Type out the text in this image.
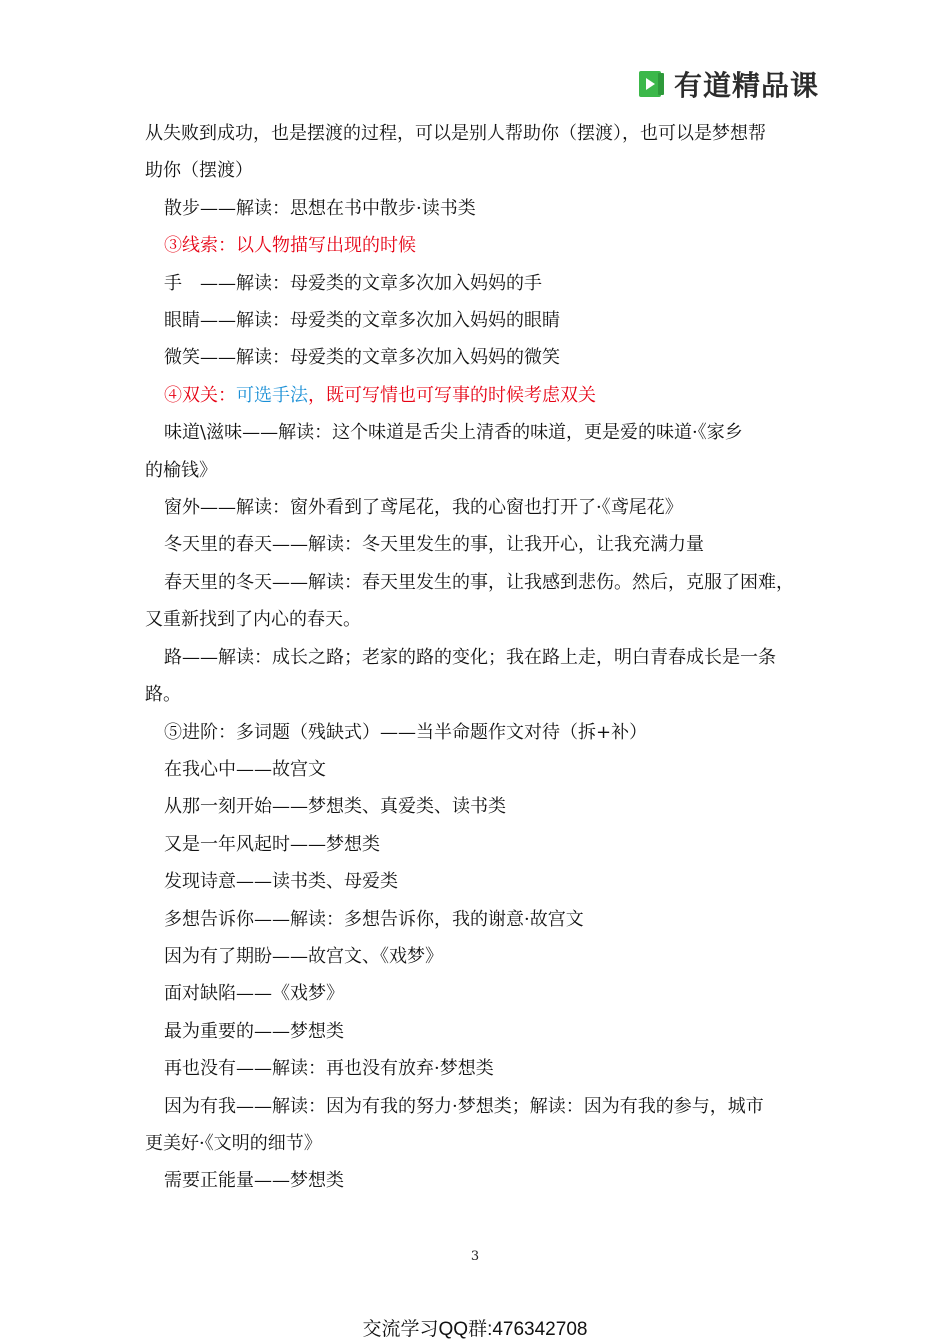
有道精品课

从失败到成功，也是摆渡的过程，可以是别人帮助你（摆渡），也可以是梦想帮

助你（摆渡）

散步——解读：思想在书中散步·读书类

③线索：以人物描写出现的时候

手　——解读：母爱类的文章多次加入妈妈的手

眼睛——解读：母爱类的文章多次加入妈妈的眼睛

微笑——解读：母爱类的文章多次加入妈妈的微笑

④双关：可选手法，既可写情也可写事的时候考虑双关

味道\滋味——解读：这个味道是舌尖上清香的味道，更是爱的味道·《家乡

的榆钱》

窗外——解读：窗外看到了鸢尾花，我的心窗也打开了·《鸢尾花》

冬天里的春天——解读：冬天里发生的事，让我开心，让我充满力量

春天里的冬天——解读：春天里发生的事，让我感到悲伤。然后，克服了困难，

又重新找到了内心的春天。

路——解读：成长之路；老家的路的变化；我在路上走，明白青春成长是一条

路。

⑤进阶：多词题（残缺式）——当半命题作文对待（拆+补）

在我心中——故宫文

从那一刻开始——梦想类、真爱类、读书类

又是一年风起时——梦想类

发现诗意——读书类、母爱类

多想告诉你——解读：多想告诉你，我的谢意·故宫文

因为有了期盼——故宫文、《戏梦》

面对缺陷——《戏梦》

最为重要的——梦想类

再也没有——解读：再也没有放弃·梦想类

因为有我——解读：因为有我的努力·梦想类；解读：因为有我的参与，城市

更美好·《文明的细节》

需要正能量——梦想类

3
交流学习QQ群:476342708
